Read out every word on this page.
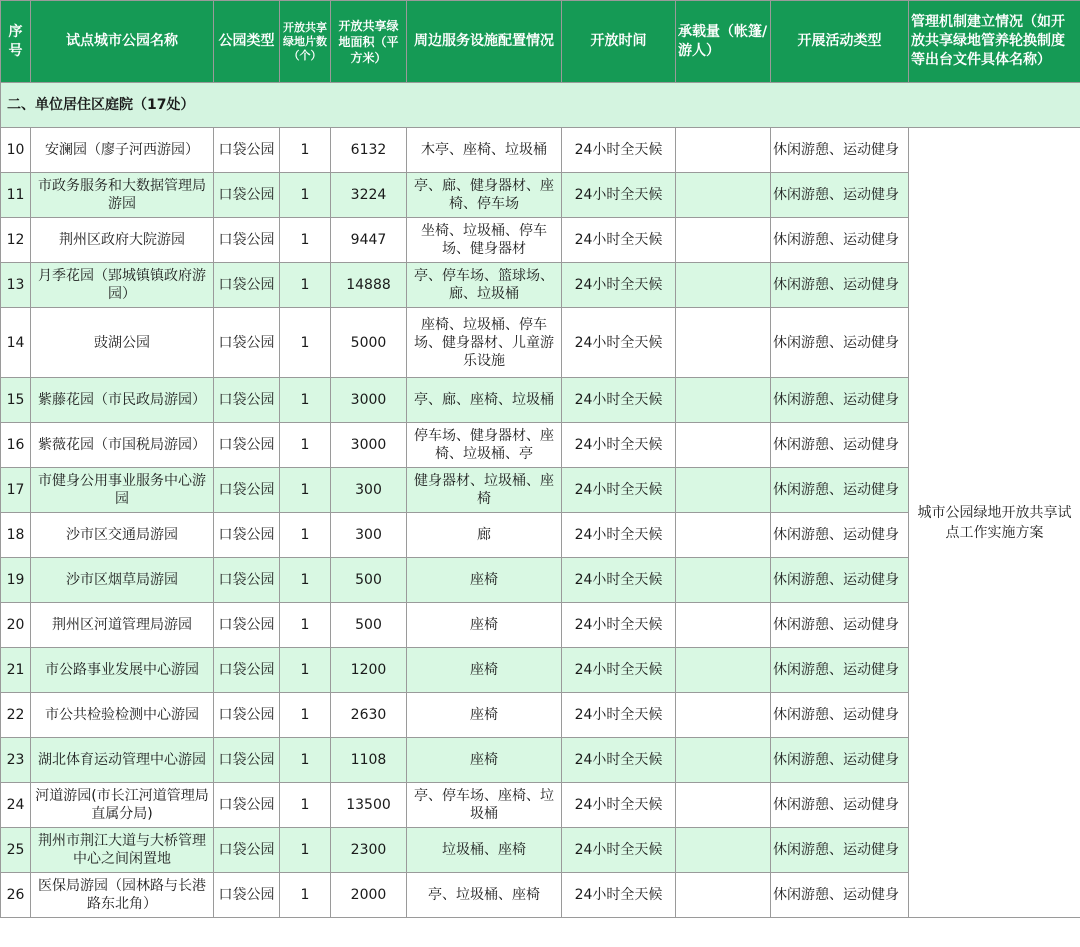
序号	试点城市公园名称	公园类型	开放共享绿地片数（个）	开放共享绿地面积（平方米）	周边服务设施配置情况	开放时间	承载量（帐篷/游人）	开展活动类型	管理机制建立情况（如开放共享绿地管养轮换制度等出台文件具体名称）
二、单位居住区庭院（17处）									
10	安澜园（廖子河西游园）	口袋公园	1	6132	木亭、座椅、垃圾桶	24小时全天候		休闲游憩、运动健身	城市公园绿地开放共享试点工作实施方案
11	市政务服务和大数据管理局游园	口袋公园	1	3224	亭、廊、健身器材、座椅、停车场	24小时全天候		休闲游憩、运动健身	
12	荆州区政府大院游园	口袋公园	1	9447	坐椅、垃圾桶、停车场、健身器材	24小时全天候		休闲游憩、运动健身	
13	月季花园（郢城镇镇政府游园）	口袋公园	1	14888	亭、停车场、篮球场、廊、垃圾桶	24小时全天候		休闲游憩、运动健身	
14	豉湖公园	口袋公园	1	5000	座椅、垃圾桶、停车场、健身器材、儿童游乐设施	24小时全天候		休闲游憩、运动健身	
15	紫藤花园（市民政局游园）	口袋公园	1	3000	亭、廊、座椅、垃圾桶	24小时全天候		休闲游憩、运动健身	
16	紫薇花园（市国税局游园）	口袋公园	1	3000	停车场、健身器材、座椅、垃圾桶、亭	24小时全天候		休闲游憩、运动健身	
17	市健身公用事业服务中心游园	口袋公园	1	300	健身器材、垃圾桶、座椅	24小时全天候		休闲游憩、运动健身	
18	沙市区交通局游园	口袋公园	1	300	廊	24小时全天候		休闲游憩、运动健身	
19	沙市区烟草局游园	口袋公园	1	500	座椅	24小时全天候		休闲游憩、运动健身	
20	荆州区河道管理局游园	口袋公园	1	500	座椅	24小时全天候		休闲游憩、运动健身	
21	市公路事业发展中心游园	口袋公园	1	1200	座椅	24小时全天候		休闲游憩、运动健身	
22	市公共检验检测中心游园	口袋公园	1	2630	座椅	24小时全天候		休闲游憩、运动健身	
23	湖北体育运动管理中心游园	口袋公园	1	1108	座椅	24小时全天候		休闲游憩、运动健身	
24	河道游园(市长江河道管理局直属分局)	口袋公园	1	13500	亭、停车场、座椅、垃圾桶	24小时全天候		休闲游憩、运动健身	
25	荆州市荆江大道与大桥管理中心之间闲置地	口袋公园	1	2300	垃圾桶、座椅	24小时全天候		休闲游憩、运动健身	
26	医保局游园（园林路与长港路东北角）	口袋公园	1	2000	亭、垃圾桶、座椅	24小时全天候		休闲游憩、运动健身	
